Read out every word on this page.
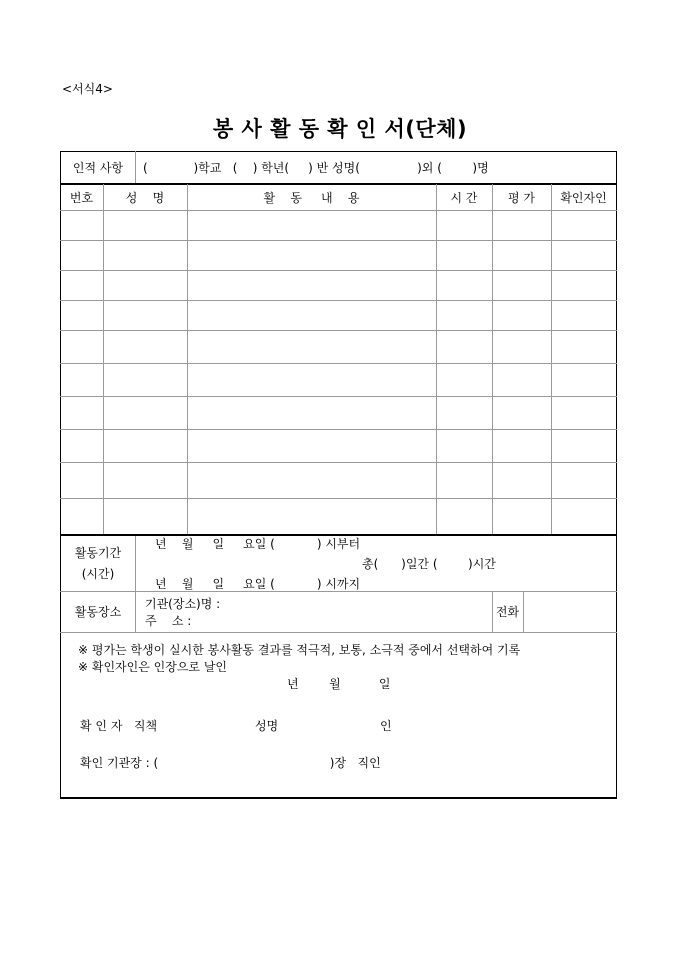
<서식4>
봉 사 활 동 확 인 서(단체)
인적 사항	(            )학교   (    ) 학년(     ) 반 성명(               )외 (        )명
번호	성    명	활    동     내    용	시 간	평 가	확인자인
활동기간
(시간)
년    월     일     요일 (           ) 시부터
총(      )일간 (        )시간
년    월     일     요일 (           ) 시까지
활동장소
기관(장소)명 :
주    소 :
전화
※ 평가는 학생이 실시한 봉사활동 결과를 적극적, 보통, 소극적 중에서 선택하여 기록
※ 확인자인은 인장으로 날인
년        월          일
확 인 자   직책	성명	인
확인 기관장 : (                                             )장   직인
